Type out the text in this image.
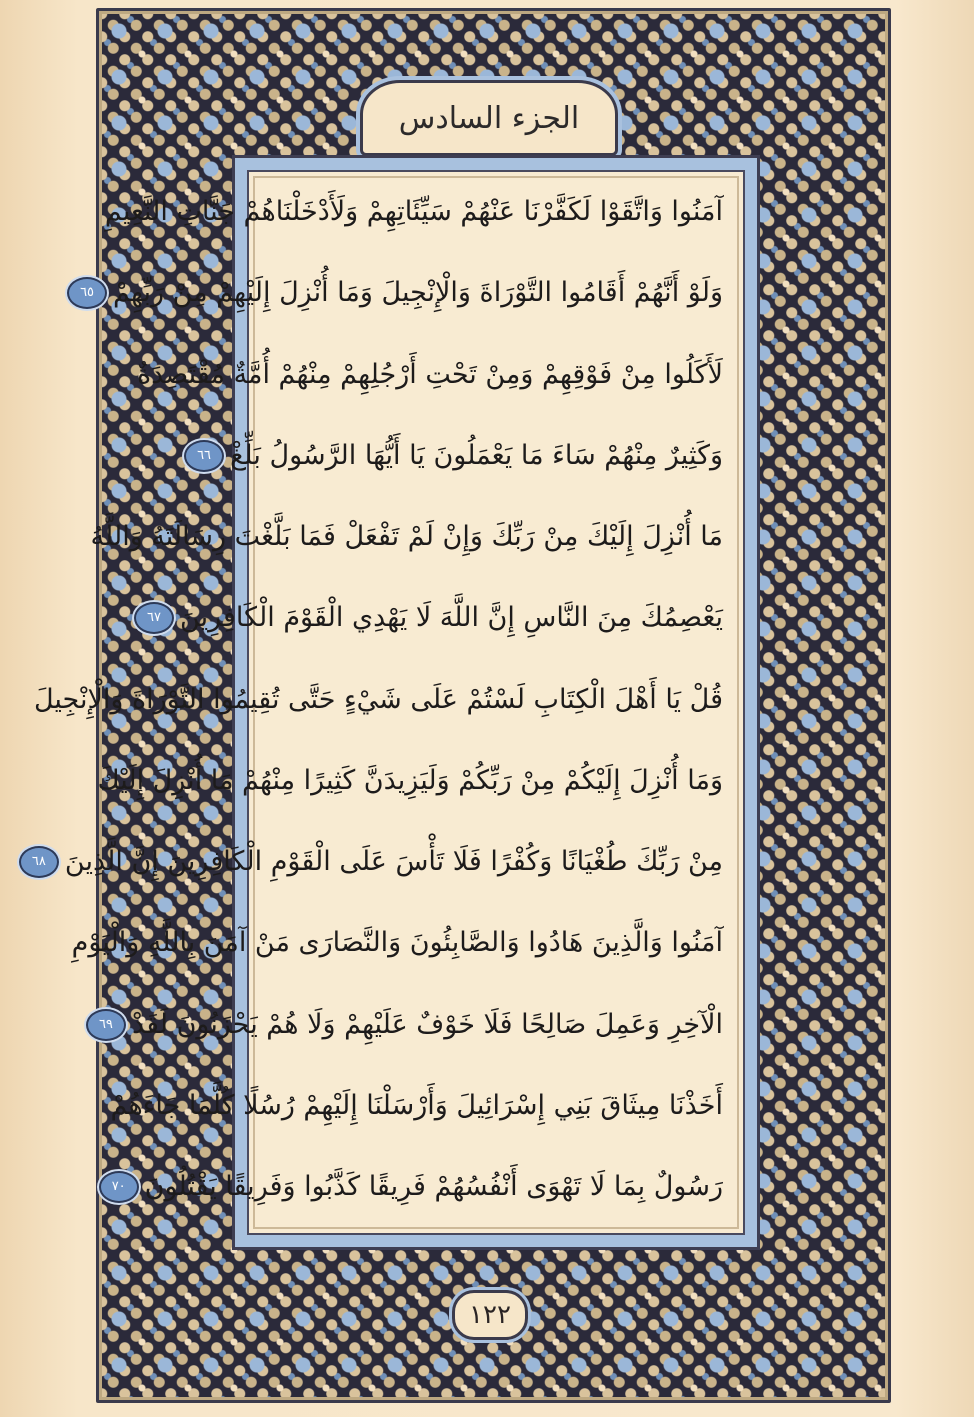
الجزء السادس
آمَنُوا وَاتَّقَوْا لَكَفَّرْنَا عَنْهُمْ سَيِّئَاتِهِمْ وَلَأَدْخَلْنَاهُمْ جَنَّاتِ النَّعِيمِ
وَلَوْ أَنَّهُمْ أَقَامُوا التَّوْرَاةَ وَالْإِنْجِيلَ وَمَا أُنْزِلَ إِلَيْهِمْ مِنْ رَبِّهِمْ
٦٥
لَأَكَلُوا مِنْ فَوْقِهِمْ وَمِنْ تَحْتِ أَرْجُلِهِمْ مِنْهُمْ أُمَّةٌ مُقْتَصِدَةٌ
وَكَثِيرٌ مِنْهُمْ سَاءَ مَا يَعْمَلُونَ يَا أَيُّهَا الرَّسُولُ بَلِّغْ
٦٦
مَا أُنْزِلَ إِلَيْكَ مِنْ رَبِّكَ وَإِنْ لَمْ تَفْعَلْ فَمَا بَلَّغْتَ رِسَالَتَهُ وَاللَّهُ
يَعْصِمُكَ مِنَ النَّاسِ إِنَّ اللَّهَ لَا يَهْدِي الْقَوْمَ الْكَافِرِينَ
٦٧
قُلْ يَا أَهْلَ الْكِتَابِ لَسْتُمْ عَلَى شَيْءٍ حَتَّى تُقِيمُوا التَّوْرَاةَ وَالْإِنْجِيلَ
وَمَا أُنْزِلَ إِلَيْكُمْ مِنْ رَبِّكُمْ وَلَيَزِيدَنَّ كَثِيرًا مِنْهُمْ مَا أُنْزِلَ إِلَيْكَ
مِنْ رَبِّكَ طُغْيَانًا وَكُفْرًا فَلَا تَأْسَ عَلَى الْقَوْمِ الْكَافِرِينَ إِنَّ الَّذِينَ
٦٨
آمَنُوا وَالَّذِينَ هَادُوا وَالصَّابِئُونَ وَالنَّصَارَى مَنْ آمَنَ بِاللَّهِ وَالْيَوْمِ
الْآخِرِ وَعَمِلَ صَالِحًا فَلَا خَوْفٌ عَلَيْهِمْ وَلَا هُمْ يَحْزَنُونَ لَقَدْ
٦٩
أَخَذْنَا مِيثَاقَ بَنِي إِسْرَائِيلَ وَأَرْسَلْنَا إِلَيْهِمْ رُسُلًا كُلَّمَا جَاءَهُمْ
رَسُولٌ بِمَا لَا تَهْوَى أَنْفُسُهُمْ فَرِيقًا كَذَّبُوا وَفَرِيقًا يَقْتُلُونَ
٧٠
١٢٢
